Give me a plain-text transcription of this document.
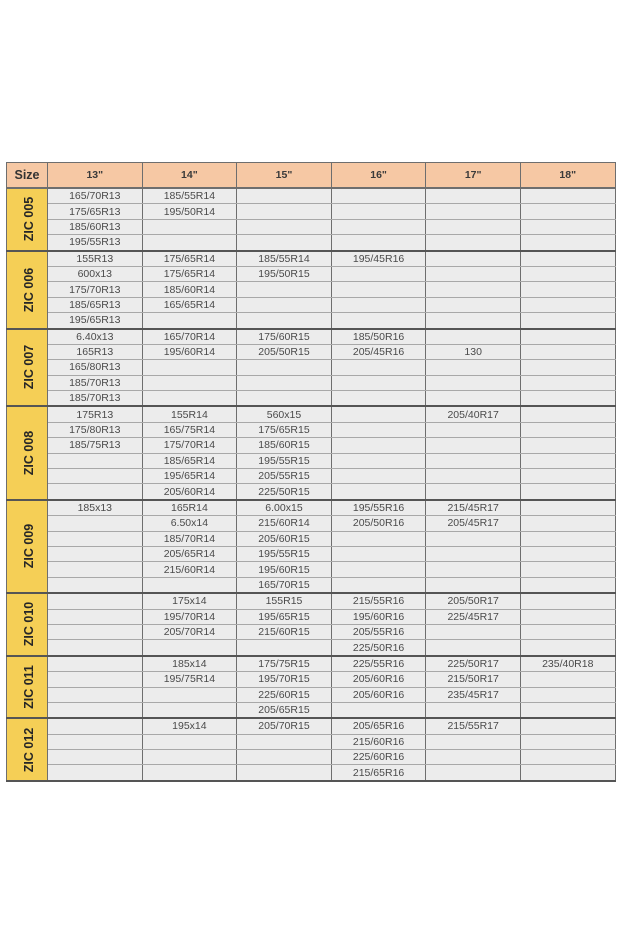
Size	13"	14"	15"	16"	17"	18"
ZIC 005	165/70R13	185/55R14				
	175/65R13	195/50R14				
	185/60R13					
	195/55R13					
ZIC 006	155R13	175/65R14	185/55R14	195/45R16		
	600x13	175/65R14	195/50R15			
	175/70R13	185/60R14				
	185/65R13	165/65R14				
	195/65R13					
ZIC 007	6.40x13	165/70R14	175/60R15	185/50R16		
	165R13	195/60R14	205/50R15	205/45R16	130	
	165/80R13					
	185/70R13					
	185/70R13					
ZIC 008	175R13	155R14	560x15		205/40R17	
	175/80R13	165/75R14	175/65R15			
	185/75R13	175/70R14	185/60R15			
		185/65R14	195/55R15			
		195/65R14	205/55R15			
		205/60R14	225/50R15			
ZIC 009	185x13	165R14	6.00x15	195/55R16	215/45R17	
		6.50x14	215/60R14	205/50R16	205/45R17	
		185/70R14	205/60R15			
		205/65R14	195/55R15			
		215/60R14	195/60R15			
			165/70R15			
ZIC 010		175x14	155R15	215/55R16	205/50R17	
		195/70R14	195/65R15	195/60R16	225/45R17	
		205/70R14	215/60R15	205/55R16		
				225/50R16		
ZIC 011		185x14	175/75R15	225/55R16	225/50R17	235/40R18
		195/75R14	195/70R15	205/60R16	215/50R17	
			225/60R15	205/60R16	235/45R17	
			205/65R15			
ZIC 012		195x14	205/70R15	205/65R16	215/55R17	
				215/60R16		
				225/60R16		
				215/65R16		
